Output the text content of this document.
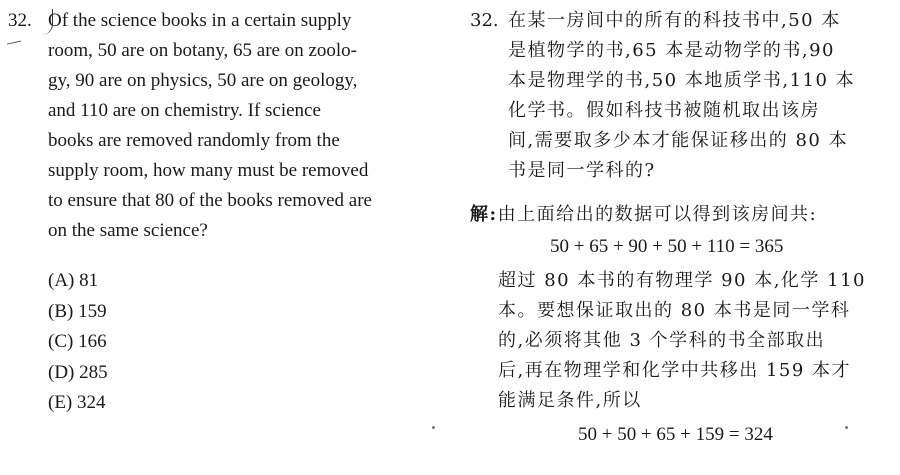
32. Of the science books in a certain supply
room, 50 are on botany, 65 are on zoolo-
gy, 90 are on physics, 50 are on geology,
and 110 are on chemistry. If science
books are removed randomly from the
supply room, how many must be removed
to ensure that 80 of the books removed are
on the same science?
(A) 81
(B) 159
(C) 166
(D) 285
(E) 324
32. 在某一房间中的所有的科技书中,50 本
是植物学的书,65 本是动物学的书,90
本是物理学的书,50 本地质学书,110 本
化学书。假如科技书被随机取出该房
间,需要取多少本才能保证移出的 80 本
书是同一学科的?
解:由上面给出的数据可以得到该房间共:
50 + 65 + 90 + 50 + 110 = 365
超过 80 本书的有物理学 90 本,化学 110
本。要想保证取出的 80 本书是同一学科
的,必须将其他 3 个学科的书全部取出
后,再在物理学和化学中共移出 159 本才
能满足条件,所以
50 + 50 + 65 + 159 = 324
